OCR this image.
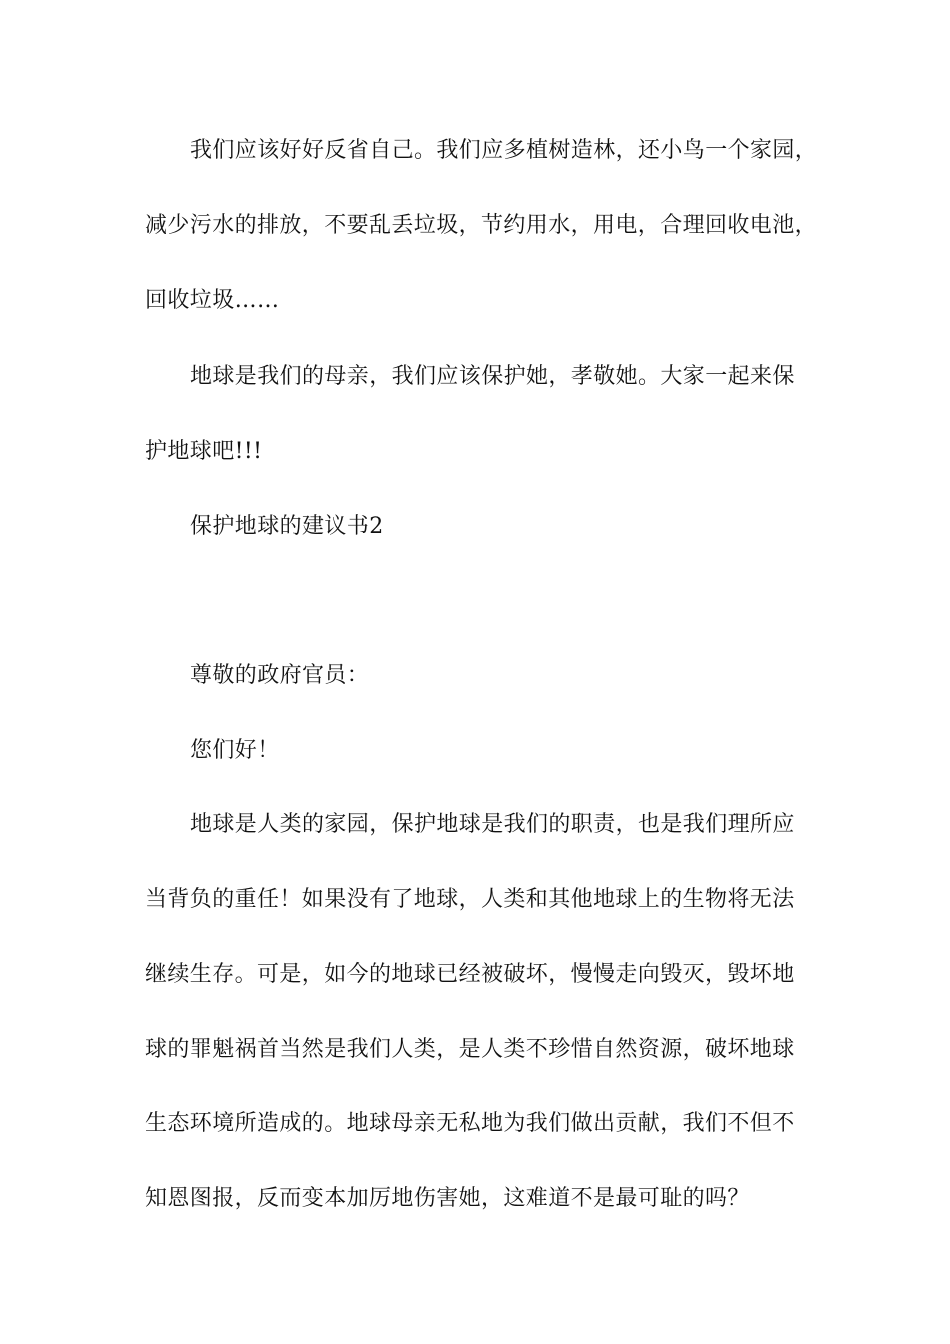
我们应该好好反省自己。我们应多植树造林，还小鸟一个家园，

减少污水的排放，不要乱丢垃圾，节约用水，用电，合理回收电池，

回收垃圾……

地球是我们的母亲，我们应该保护她，孝敬她。大家一起来保

护地球吧!!!

保护地球的建议书2

尊敬的政府官员：

您们好！

地球是人类的家园，保护地球是我们的职责，也是我们理所应

当背负的重任！如果没有了地球，人类和其他地球上的生物将无法

继续生存。可是，如今的地球已经被破坏，慢慢走向毁灭，毁坏地

球的罪魁祸首当然是我们人类，是人类不珍惜自然资源，破坏地球

生态环境所造成的。地球母亲无私地为我们做出贡献，我们不但不

知恩图报，反而变本加厉地伤害她，这难道不是最可耻的吗？
